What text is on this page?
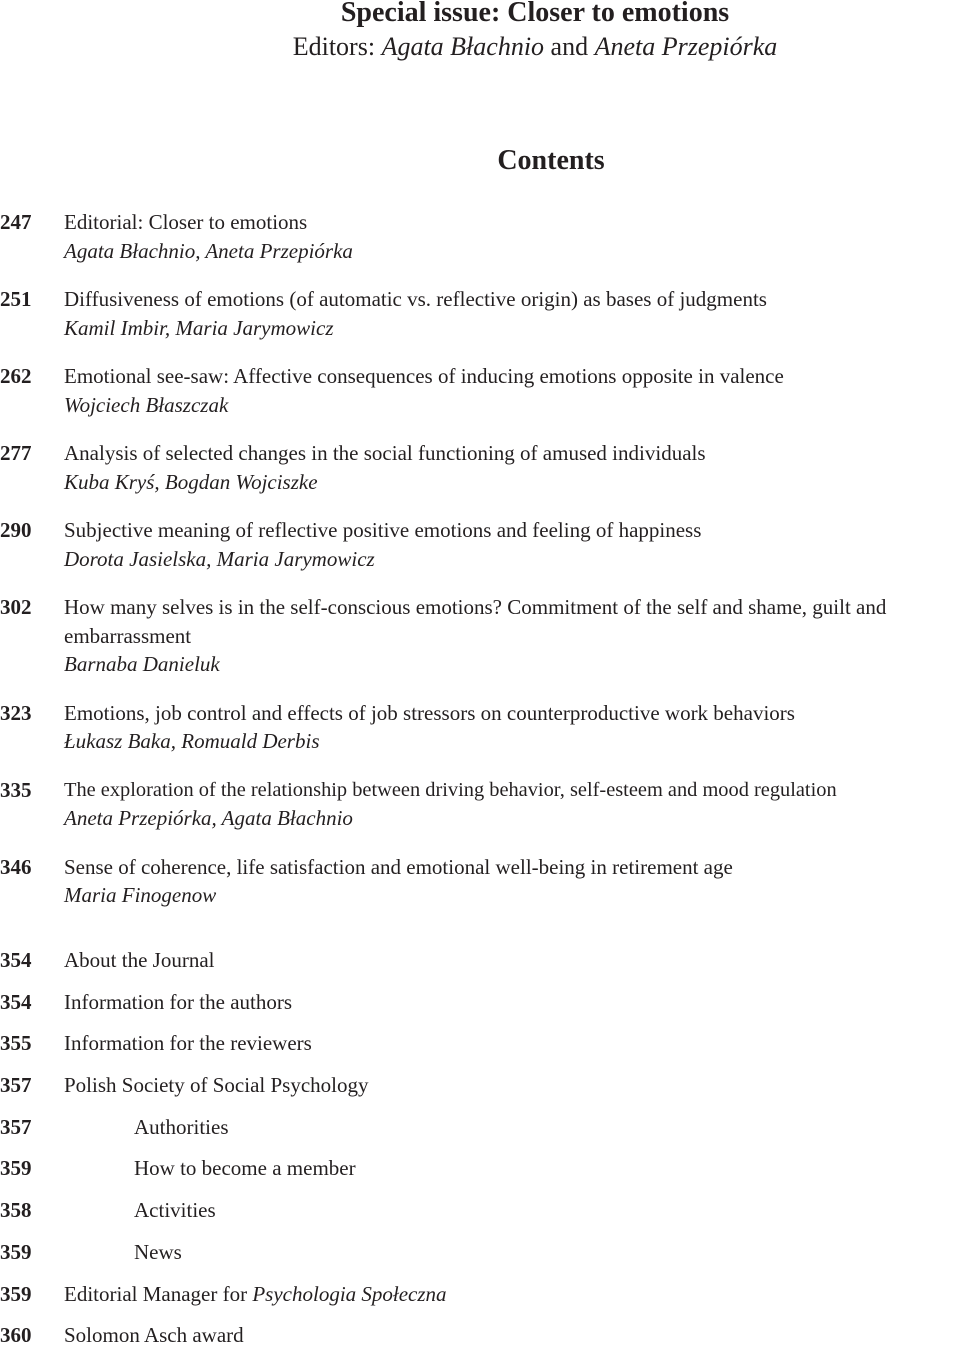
Special issue: Closer to emotions
Editors: Agata Błachnio and Aneta Przepiórka
Contents
247 Editorial: Closer to emotions
Agata Błachnio, Aneta Przepiórka
251 Diffusiveness of emotions (of automatic vs. reflective origin) as bases of judgments
Kamil Imbir, Maria Jarymowicz
262 Emotional see-saw: Affective consequences of inducing emotions opposite in valence
Wojciech Błaszczak
277 Analysis of selected changes in the social functioning of amused individuals
Kuba Kryś, Bogdan Wojciszke
290 Subjective meaning of reflective positive emotions and feeling of happiness
Dorota Jasielska, Maria Jarymowicz
302 How many selves is in the self-conscious emotions? Commitment of the self and shame, guilt and embarrassment
Barnaba Danieluk
323 Emotions, job control and effects of job stressors on counterproductive work behaviors
Łukasz Baka, Romuald Derbis
335 The exploration of the relationship between driving behavior, self-esteem and mood regulation
Aneta Przepiórka, Agata Błachnio
346 Sense of coherence, life satisfaction and emotional well-being in retirement age
Maria Finogenow
354 About the Journal
354 Information for the authors
355 Information for the reviewers
357 Polish Society of Social Psychology
357	Authorities
359	How to become a member
358	Activities
359	News
359 Editorial Manager for Psychologia Społeczna
360 Solomon Asch award
